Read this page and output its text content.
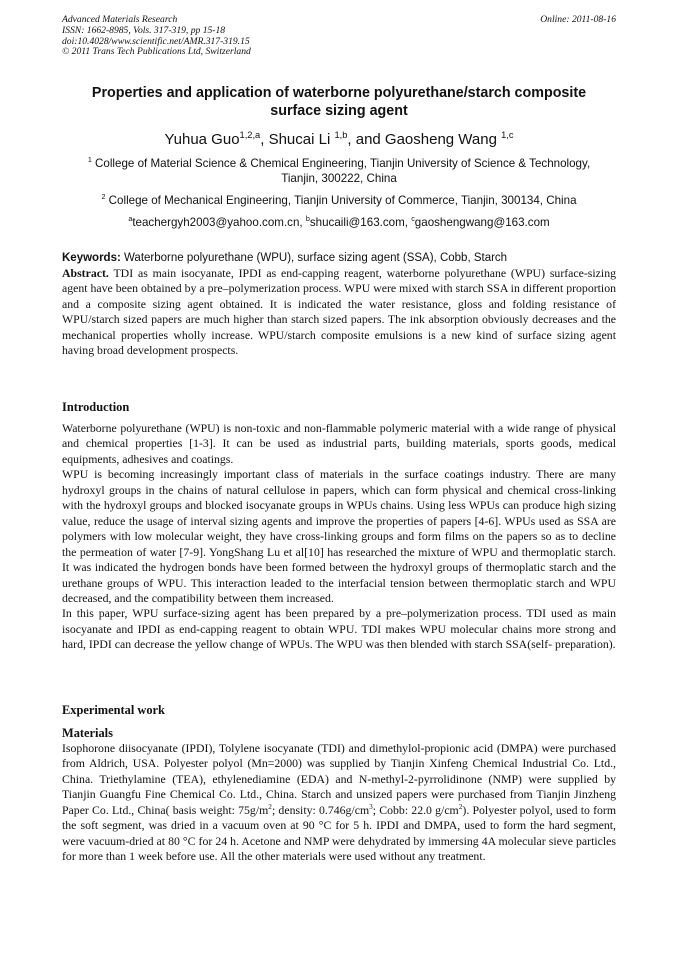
Advanced Materials Research
ISSN: 1662-8985, Vols. 317-319, pp 15-18
doi:10.4028/www.scientific.net/AMR.317-319.15
© 2011 Trans Tech Publications Ltd, Switzerland
Online: 2011-08-16
Properties and application of waterborne polyurethane/starch composite
surface sizing agent
Yuhua Guo$^{1,2,a}$, Shucai Li $^{1,b}$, and Gaosheng Wang $^{1,c}$
$^1$ College of Material Science & Chemical Engineering, Tianjin University of Science & Technology,
Tianjin, 300222, China
$^2$ College of Mechanical Engineering, Tianjin University of Commerce, Tianjin, 300134, China
$^a$teachergyh2003@yahoo.com.cn, $^b$shucaili@163.com, $^c$gaoshengwang@163.com
Keywords: Waterborne polyurethane (WPU), surface sizing agent (SSA), Cobb, Starch
Abstract. TDI as main isocyanate, IPDI as end-capping reagent, waterborne polyurethane (WPU) surface-sizing agent have been obtained by a pre–polymerization process. WPU were mixed with starch SSA in different proportion and a composite sizing agent obtained. It is indicated the water resistance, gloss and folding resistance of WPU/starch sized papers are much higher than starch sized papers. The ink absorption obviously decreases and the mechanical properties wholly increase. WPU/starch composite emulsions is a new kind of surface sizing agent having broad development prospects.
Introduction

Waterborne polyurethane (WPU) is non-toxic and non-flammable polymeric material with a wide range of physical and chemical properties [1-3]. It can be used as industrial parts, building materials, sports goods, medical equipments, adhesives and coatings.

WPU is becoming increasingly important class of materials in the surface coatings industry. There are many hydroxyl groups in the chains of natural cellulose in papers, which can form physical and chemical cross-linking with the hydroxyl groups and blocked isocyanate groups in WPUs chains. Using less WPUs can produce high sizing value, reduce the usage of interval sizing agents and improve the properties of papers [4-6]. WPUs used as SSA are polymers with low molecular weight, they have cross-linking groups and form films on the papers so as to decline the permeation of water [7-9]. YongShang Lu et al[10] has researched the mixture of WPU and thermoplatic starch. It was indicated the hydrogen bonds have been formed between the hydroxyl groups of thermoplatic starch and the urethane groups of WPU. This interaction leaded to the interfacial tension between thermoplatic starch and WPU decreased, and the compatibility between them increased.

In this paper, WPU surface-sizing agent has been prepared by a pre–polymerization process. TDI used as main isocyanate and IPDI as end-capping reagent to obtain WPU. TDI makes WPU molecular chains more strong and hard, IPDI can decrease the yellow change of WPUs. The WPU was then blended with starch SSA(self- preparation).

Experimental work
Materials

Isophorone diisocyanate (IPDI), Tolylene isocyanate (TDI) and dimethylol-propionic acid (DMPA) were purchased from Aldrich, USA. Polyester polyol (Mn=2000) was supplied by Tianjin Xinfeng Chemical Industrial Co. Ltd., China. Triethylamine (TEA), ethylenediamine (EDA) and N-methyl-2-pyrrolidinone (NMP) were supplied by Tianjin Guangfu Fine Chemical Co. Ltd., China. Starch and unsized papers were purchased from Tianjin Jinzheng Paper Co. Ltd., China( basis weight: $75g/m^2$; density: $0.746g/cm^3$; Cobb: 22.0 $g/cm^2$). Polyester polyol, used to form the soft segment, was dried in a vacuum oven at 90 °C for 5 h. IPDI and DMPA, used to form the hard segment, were vacuum-dried at 80 °C for 24 h. Acetone and NMP were dehydrated by immersing 4A molecular sieve particles for more than 1 week before use. All the other materials were used without any treatment.
